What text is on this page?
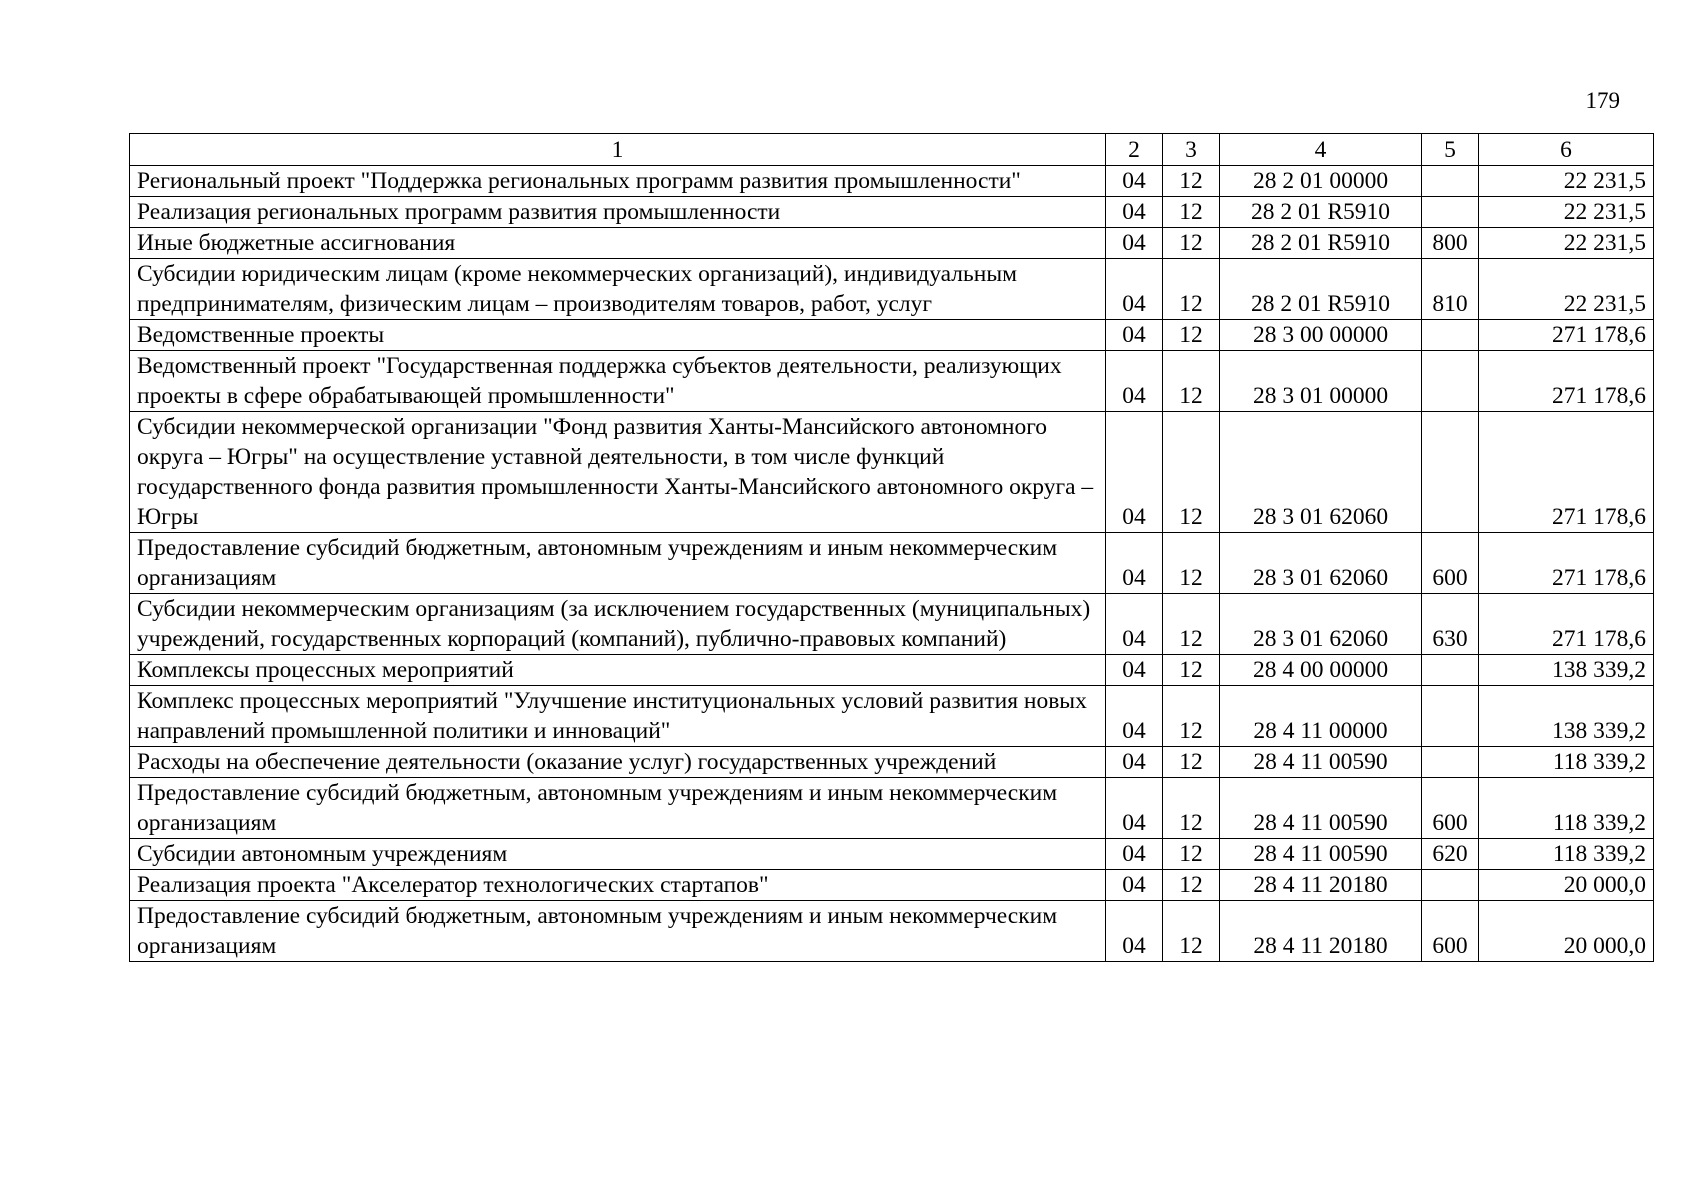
179
1	2	3	4	5	6
Региональный проект "Поддержка региональных программ развития промышленности"	04	12	28 2 01 00000		22 231,5
Реализация региональных программ развития промышленности	04	12	28 2 01 R5910		22 231,5
Иные бюджетные ассигнования	04	12	28 2 01 R5910	800	22 231,5
Субсидии юридическим лицам (кроме некоммерческих организаций), индивидуальным предпринимателям, физическим лицам – производителям товаров, работ, услуг	04	12	28 2 01 R5910	810	22 231,5
Ведомственные проекты	04	12	28 3 00 00000		271 178,6
Ведомственный проект "Государственная поддержка субъектов деятельности, реализующих проекты в сфере обрабатывающей промышленности"	04	12	28 3 01 00000		271 178,6
Субсидии некоммерческой организации "Фонд развития Ханты-Мансийского автономного округа – Югры" на осуществление уставной деятельности, в том числе функций государственного фонда развития промышленности Ханты-Мансийского автономного округа – Югры	04	12	28 3 01 62060		271 178,6
Предоставление субсидий бюджетным, автономным учреждениям и иным некоммерческим организациям	04	12	28 3 01 62060	600	271 178,6
Субсидии некоммерческим организациям (за исключением государственных (муниципальных) учреждений, государственных корпораций (компаний), публично-правовых компаний)	04	12	28 3 01 62060	630	271 178,6
Комплексы процессных мероприятий	04	12	28 4 00 00000		138 339,2
Комплекс процессных мероприятий "Улучшение институциональных условий развития новых направлений промышленной политики и инноваций"	04	12	28 4 11 00000		138 339,2
Расходы на обеспечение деятельности (оказание услуг) государственных учреждений	04	12	28 4 11 00590		118 339,2
Предоставление субсидий бюджетным, автономным учреждениям и иным некоммерческим организациям	04	12	28 4 11 00590	600	118 339,2
Субсидии автономным учреждениям	04	12	28 4 11 00590	620	118 339,2
Реализация проекта "Акселератор технологических стартапов"	04	12	28 4 11 20180		20 000,0
Предоставление субсидий бюджетным, автономным учреждениям и иным некоммерческим организациям	04	12	28 4 11 20180	600	20 000,0
